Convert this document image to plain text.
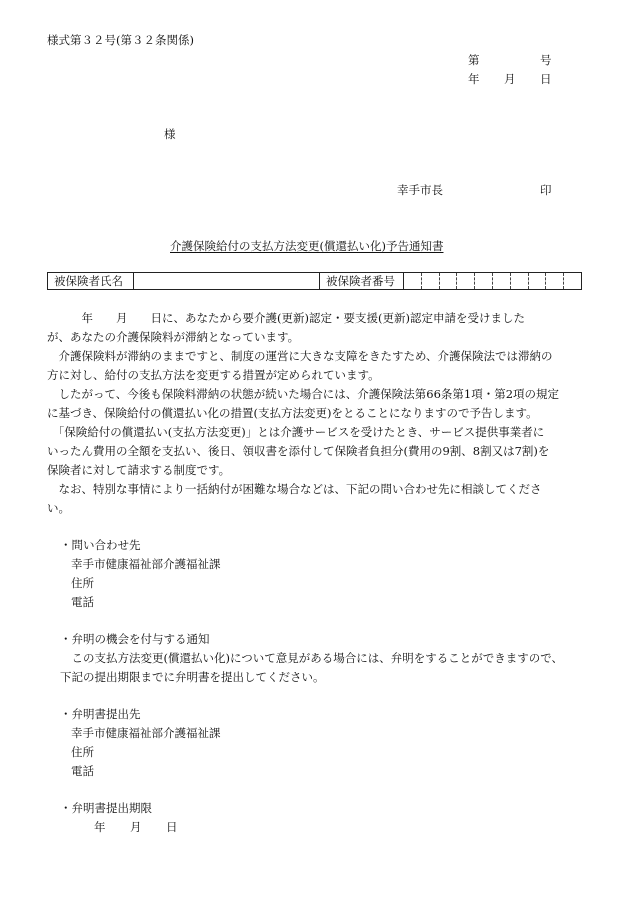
様式第３２号(第３２条関係)
第	号
年 月 日
様
幸手市長	印
介護保険給付の支払方法変更(償還払い化)予告通知書
被保険者氏名		被保険者番号										
　　　年　　月　　日に、あなたから要介護(更新)認定・要支援(更新)認定申請を受けました
が、あなたの介護保険料が滞納となっています。
　介護保険料が滞納のままですと、制度の運営に大きな支障をきたすため、介護保険法では滞納の
方に対し、給付の支払方法を変更する措置が定められています。
　したがって、今後も保険料滞納の状態が続いた場合には、介護保険法第66条第1項・第2項の規定
に基づき、保険給付の償還払い化の措置(支払方法変更)をとることになりますので予告します。
　「保険給付の償還払い(支払方法変更)」とは介護サービスを受けたとき、サービス提供事業者に
いったん費用の全額を支払い、後日、領収書を添付して保険者負担分(費用の9割、8割又は7割)を
保険者に対して請求する制度です。
　なお、特別な事情により一括納付が困難な場合などは、下記の問い合わせ先に相談してくださ
い。
・問い合わせ先
幸手市健康福祉部介護福祉課
住所
電話
・弁明の機会を付与する通知
　この支払方法変更(償還払い化)について意見がある場合には、弁明をすることができますので、
下記の提出期限までに弁明書を提出してください。
・弁明書提出先
幸手市健康福祉部介護福祉課
住所
電話
・弁明書提出期限
年 月 日
